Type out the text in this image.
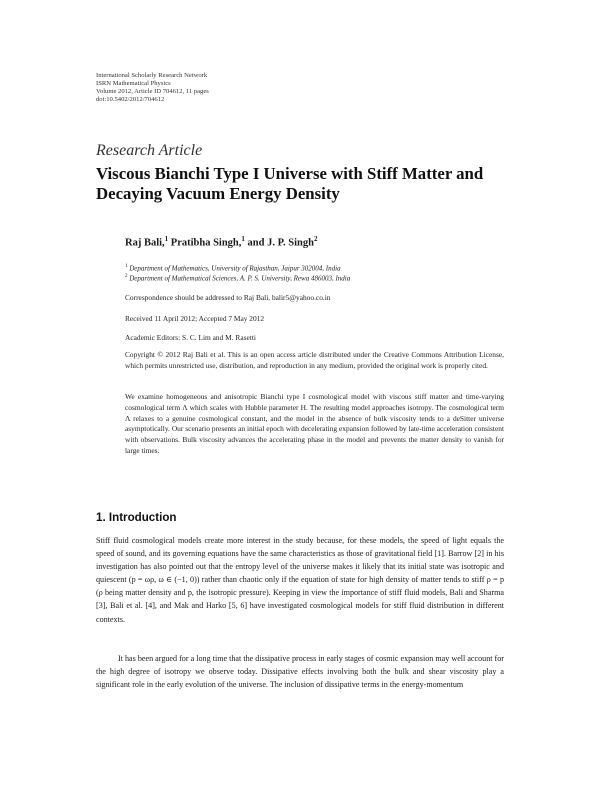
International Scholarly Research Network
ISRN Mathematical Physics
Volume 2012, Article ID 704612, 11 pages
doi:10.5402/2012/704612
Research Article
Viscous Bianchi Type I Universe with Stiff Matter and Decaying Vacuum Energy Density
Raj Bali,$^1$ Pratibha Singh,$^1$ and J. P. Singh$^2$
$^1$ Department of Mathematics, University of Rajasthan, Jaipur 302004, India
$^2$ Department of Mathematical Sciences, A. P. S. University, Rewa 486003, India
Correspondence should be addressed to Raj Bali, balir5@yahoo.co.in
Received 11 April 2012; Accepted 7 May 2012
Academic Editors: S. C. Lim and M. Rasetti
Copyright © 2012 Raj Bali et al. This is an open access article distributed under the Creative Commons Attribution License, which permits unrestricted use, distribution, and reproduction in any medium, provided the original work is properly cited.
We examine homogeneous and anisotropic Bianchi type I cosmological model with viscous stiff matter and time-varying cosmological term Λ which scales with Hubble parameter H. The resulting model approaches isotropy. The cosmological term Λ relaxes to a genuine cosmological constant, and the model in the absence of bulk viscosity tends to a deSitter universe asymptotically. Our scenario presents an initial epoch with decelerating expansion followed by late-time acceleration consistent with observations. Bulk viscosity advances the accelerating phase in the model and prevents the matter density to vanish for large times.
1. Introduction
Stiff fluid cosmological models create more interest in the study because, for these models, the speed of light equals the speed of sound, and its governing equations have the same characteristics as those of gravitational field [1]. Barrow [2] in his investigation has also pointed out that the entropy level of the universe makes it likely that its initial state was isotropic and quiescent (p = ωρ, ω ∈ (−1, 0)) rather than chaotic only if the equation of state for high density of matter tends to stiff ρ = p (ρ being matter density and p, the isotropic pressure). Keeping in view the importance of stiff fluid models, Bali and Sharma [3], Bali et al. [4], and Mak and Harko [5, 6] have investigated cosmological models for stiff fluid distribution in different contexts.
It has been argued for a long time that the dissipative process in early stages of cosmic expansion may well account for the high degree of isotropy we observe today. Dissipative effects involving both the bulk and shear viscosity play a significant role in the early evolution of the universe. The inclusion of dissipative terms in the energy-momentum
